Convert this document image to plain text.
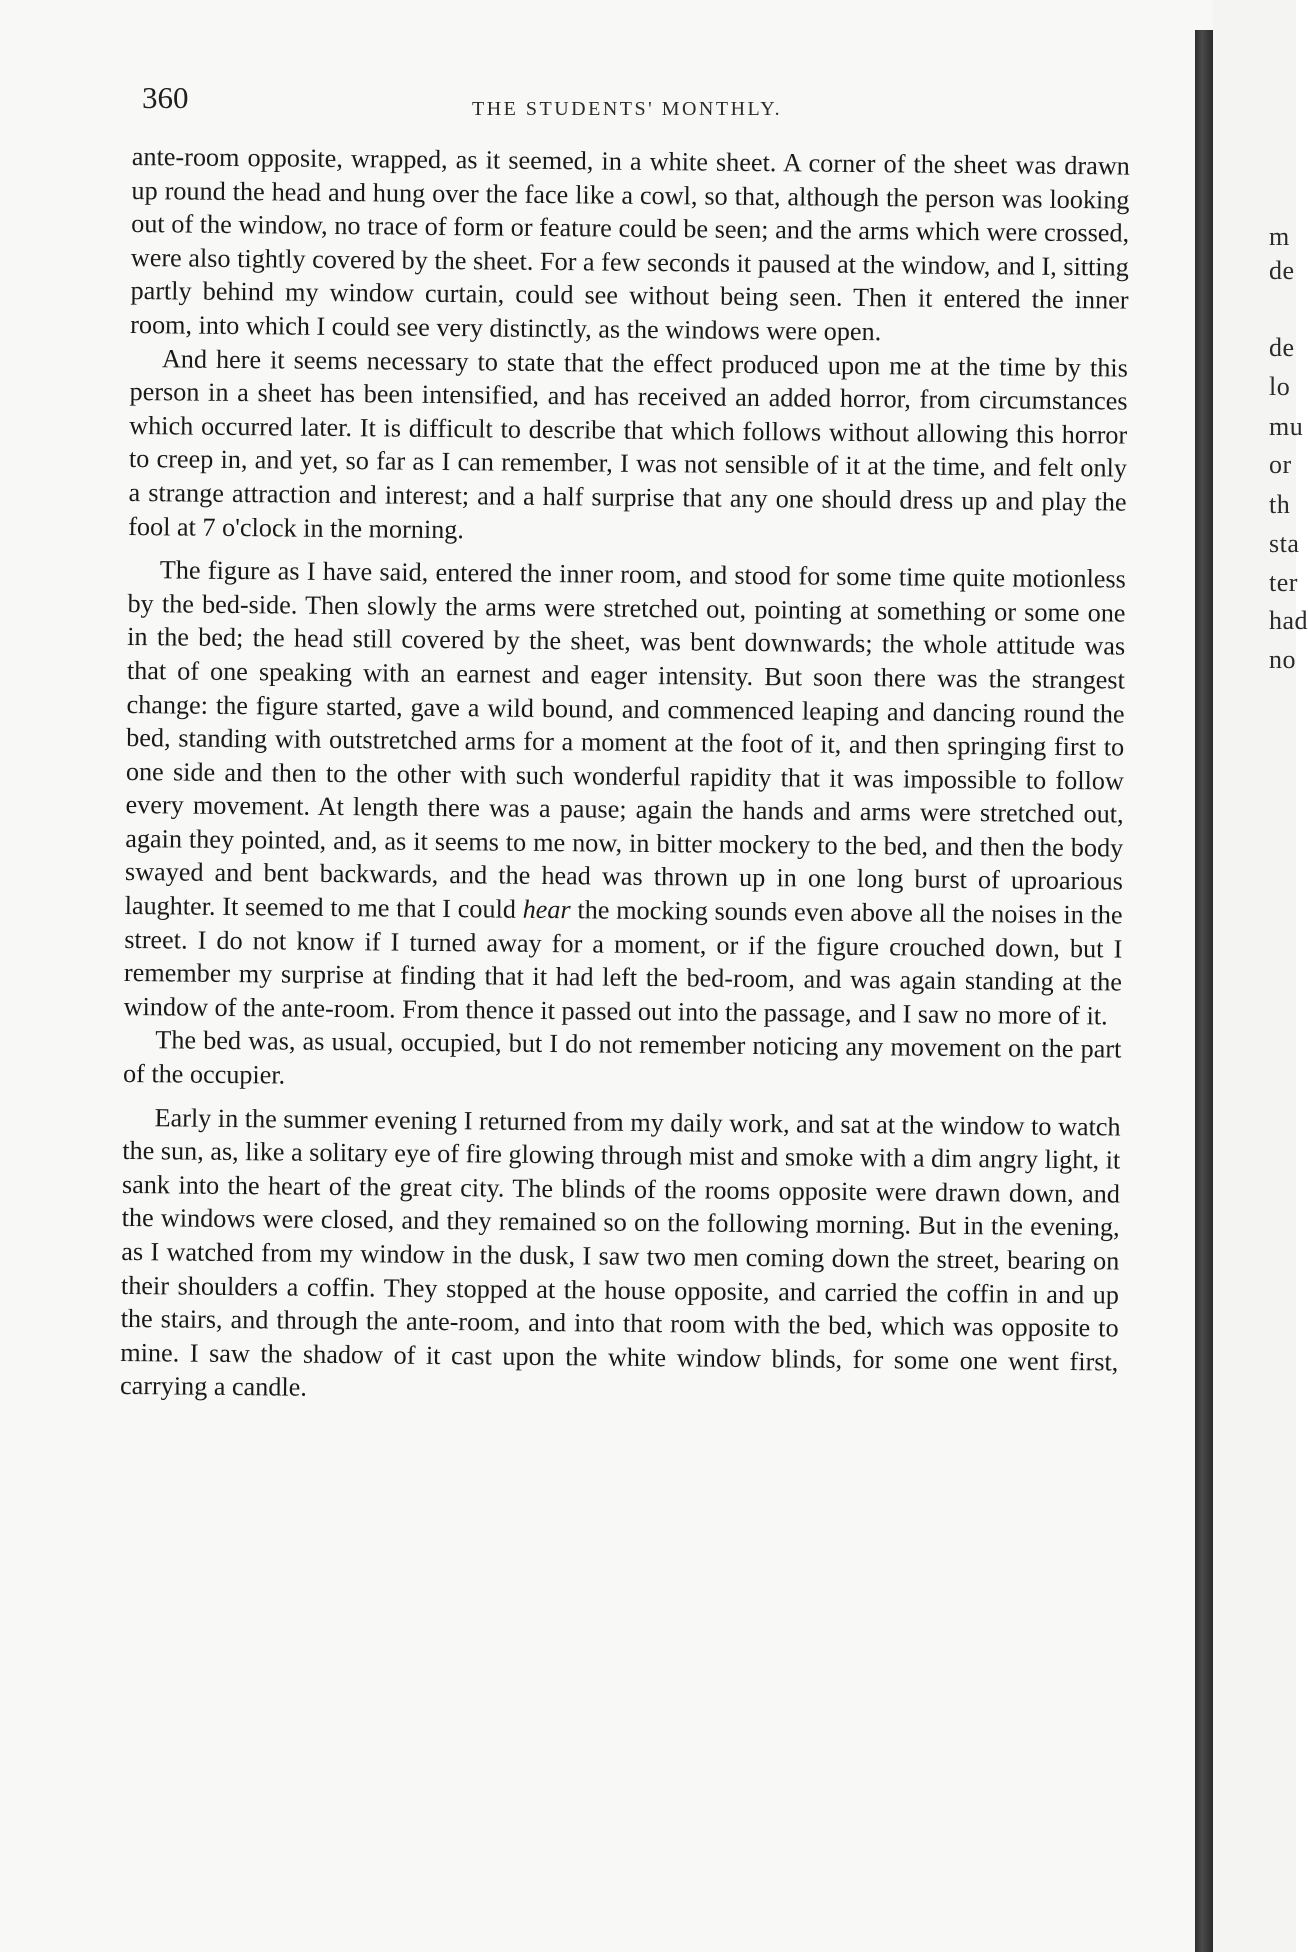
360	THE STUDENTS' MONTHLY.

ante-room opposite, wrapped, as it seemed, in a white sheet. A corner of the sheet was drawn up round the head and hung over the face like a cowl, so that, although the person was looking out of the window, no trace of form or feature could be seen; and the arms which were crossed, were also tightly covered by the sheet. For a few seconds it paused at the window, and I, sitting partly behind my window curtain, could see without being seen. Then it entered the inner room, into which I could see very distinctly, as the windows were open.

And here it seems necessary to state that the effect produced upon me at the time by this person in a sheet has been intensified, and has received an added horror, from circumstances which occurred later. It is difficult to describe that which follows without allowing this horror to creep in, and yet, so far as I can remember, I was not sensible of it at the time, and felt only a strange attraction and interest; and a half surprise that any one should dress up and play the fool at 7 o'clock in the morning.

The figure as I have said, entered the inner room, and stood for some time quite motionless by the bed-side. Then slowly the arms were stretched out, pointing at something or some one in the bed; the head still covered by the sheet, was bent downwards; the whole attitude was that of one speaking with an earnest and eager intensity. But soon there was the strangest change: the figure started, gave a wild bound, and commenced leaping and dancing round the bed, standing with outstretched arms for a moment at the foot of it, and then springing first to one side and then to the other with such wonderful rapidity that it was impossible to follow every movement. At length there was a pause; again the hands and arms were stretched out, again they pointed, and, as it seems to me now, in bitter mockery to the bed, and then the body swayed and bent backwards, and the head was thrown up in one long burst of uproarious laughter. It seemed to me that I could hear the mocking sounds even above all the noises in the street. I do not know if I turned away for a moment, or if the figure crouched down, but I remember my surprise at finding that it had left the bed-room, and was again standing at the window of the ante-room. From thence it passed out into the passage, and I saw no more of it.

The bed was, as usual, occupied, but I do not remember noticing any movement on the part of the occupier.

Early in the summer evening I returned from my daily work, and sat at the window to watch the sun, as, like a solitary eye of fire glowing through mist and smoke with a dim angry light, it sank into the heart of the great city. The blinds of the rooms opposite were drawn down, and the windows were closed, and they remained so on the following morning. But in the evening, as I watched from my window in the dusk, I saw two men coming down the street, bearing on their shoulders a coffin. They stopped at the house opposite, and carried the coffin in and up the stairs, and through the ante-room, and into that room with the bed, which was opposite to mine. I saw the shadow of it cast upon the white window blinds, for some one went first, carrying a candle.

m
de
de
lo
mu
or
th
sta
ter
had
no
